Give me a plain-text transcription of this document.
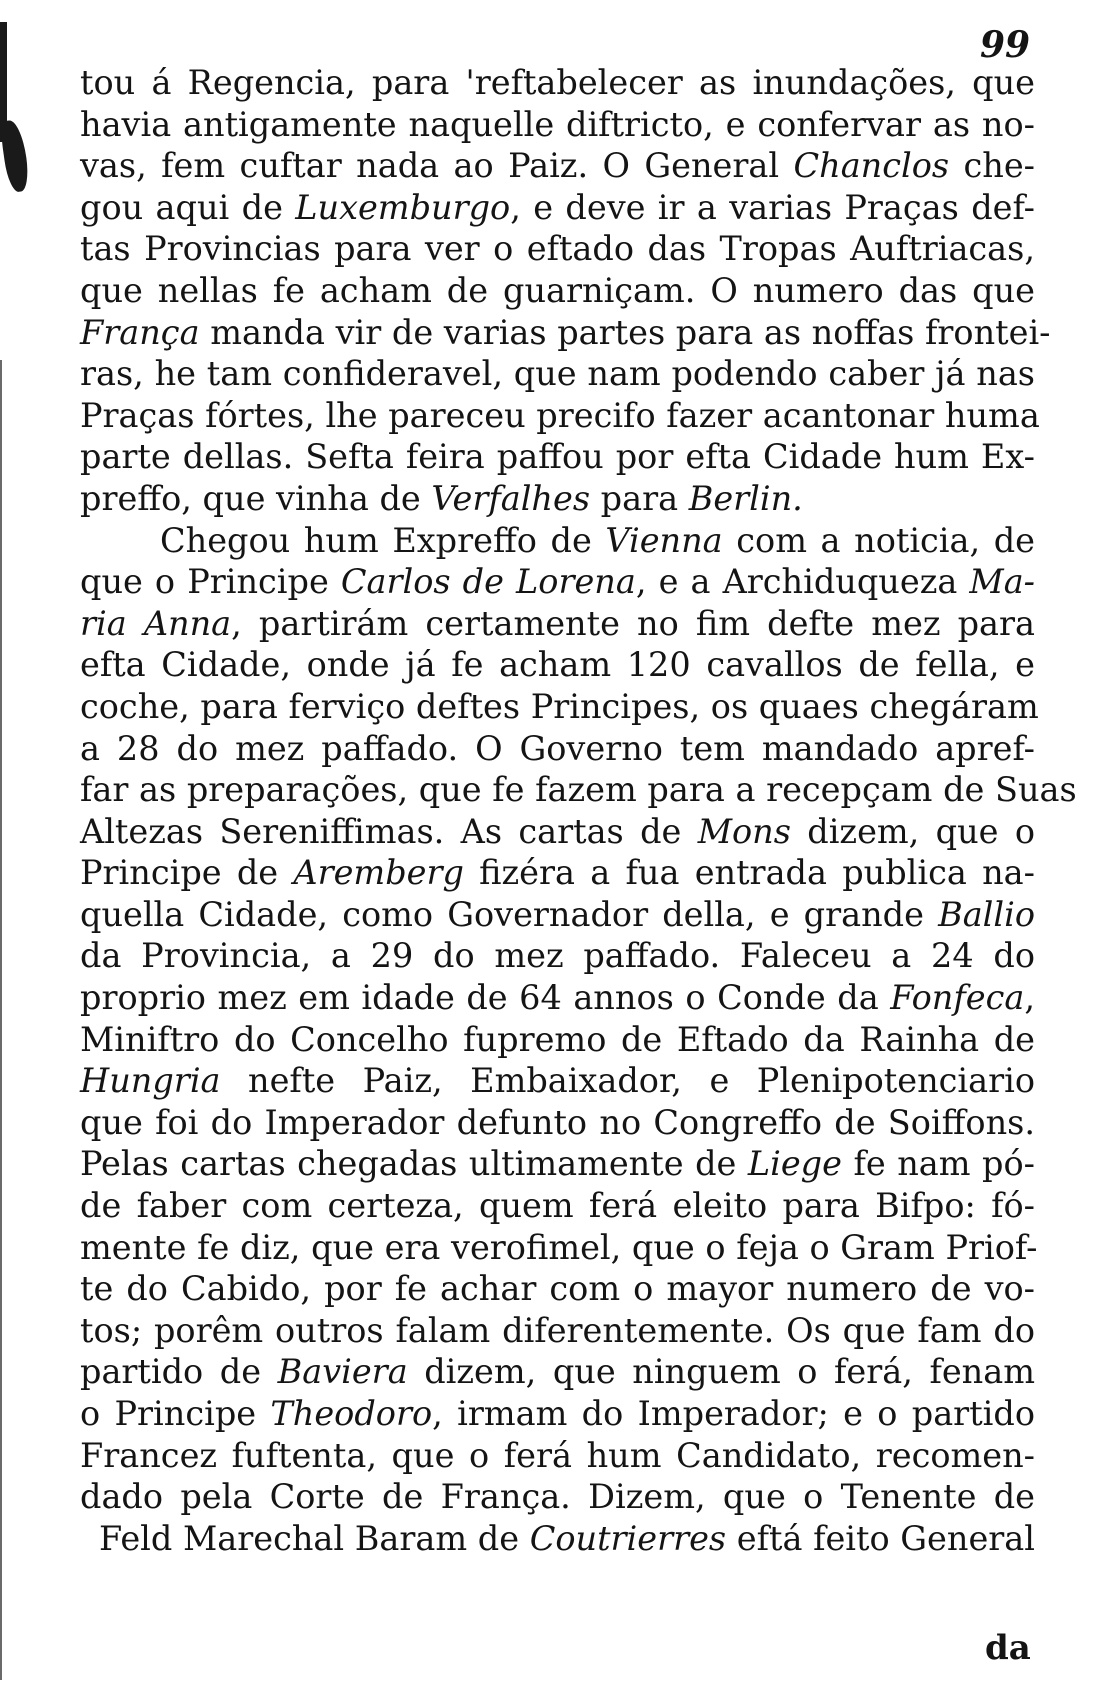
99
tou á Regencia, para 'reftabelecer as inundações, que
havia antigamente naquelle diftricto, e confervar as no-
vas, fem cuftar nada ao Paiz. O General Chanclos che-
gou aqui de Luxemburgo, e deve ir a varias Praças def-
tas Provincias para ver o eftado das Tropas Auftriacas,
que nellas fe acham de guarniçam. O numero das que
França manda vir de varias partes para as noffas frontei-
ras, he tam confideravel, que nam podendo caber já nas
Praças fórtes, lhe pareceu precifo fazer acantonar huma
parte dellas. Sefta feira paffou por efta Cidade hum Ex-
preffo, que vinha de Verfalhes para Berlin.
Chegou hum Expreffo de Vienna com a noticia, de
que o Principe Carlos de Lorena, e a Archiduqueza Ma-
ria Anna, partirám certamente no fim defte mez para
efta Cidade, onde já fe acham 120 cavallos de fella, e
coche, para ferviço deftes Principes, os quaes chegáram
a 28 do mez paffado. O Governo tem mandado apref-
far as preparações, que fe fazem para a recepçam de Suas
Altezas Sereniffimas. As cartas de Mons dizem, que o
Principe de Aremberg fizéra a fua entrada publica na-
quella Cidade, como Governador della, e grande Ballio
da Provincia, a 29 do mez paffado. Faleceu a 24 do
proprio mez em idade de 64 annos o Conde da Fonfeca,
Miniftro do Concelho fupremo de Eftado da Rainha de
Hungria nefte Paiz, Embaixador, e Plenipotenciario
que foi do Imperador defunto no Congreffo de Soiffons.
Pelas cartas chegadas ultimamente de Liege fe nam pó-
de faber com certeza, quem ferá eleito para Bifpo: fó-
mente fe diz, que era verofimel, que o feja o Gram Priof-
te do Cabido, por fe achar com o mayor numero de vo-
tos; porêm outros falam diferentemente. Os que fam do
partido de Baviera dizem, que ninguem o ferá, fenam
o Principe Theodoro, irmam do Imperador; e o partido
Francez fuftenta, que o ferá hum Candidato, recomen-
dado pela Corte de França. Dizem, que o Tenente de
Feld Marechal Baram de Coutrierres eftá feito General
da
